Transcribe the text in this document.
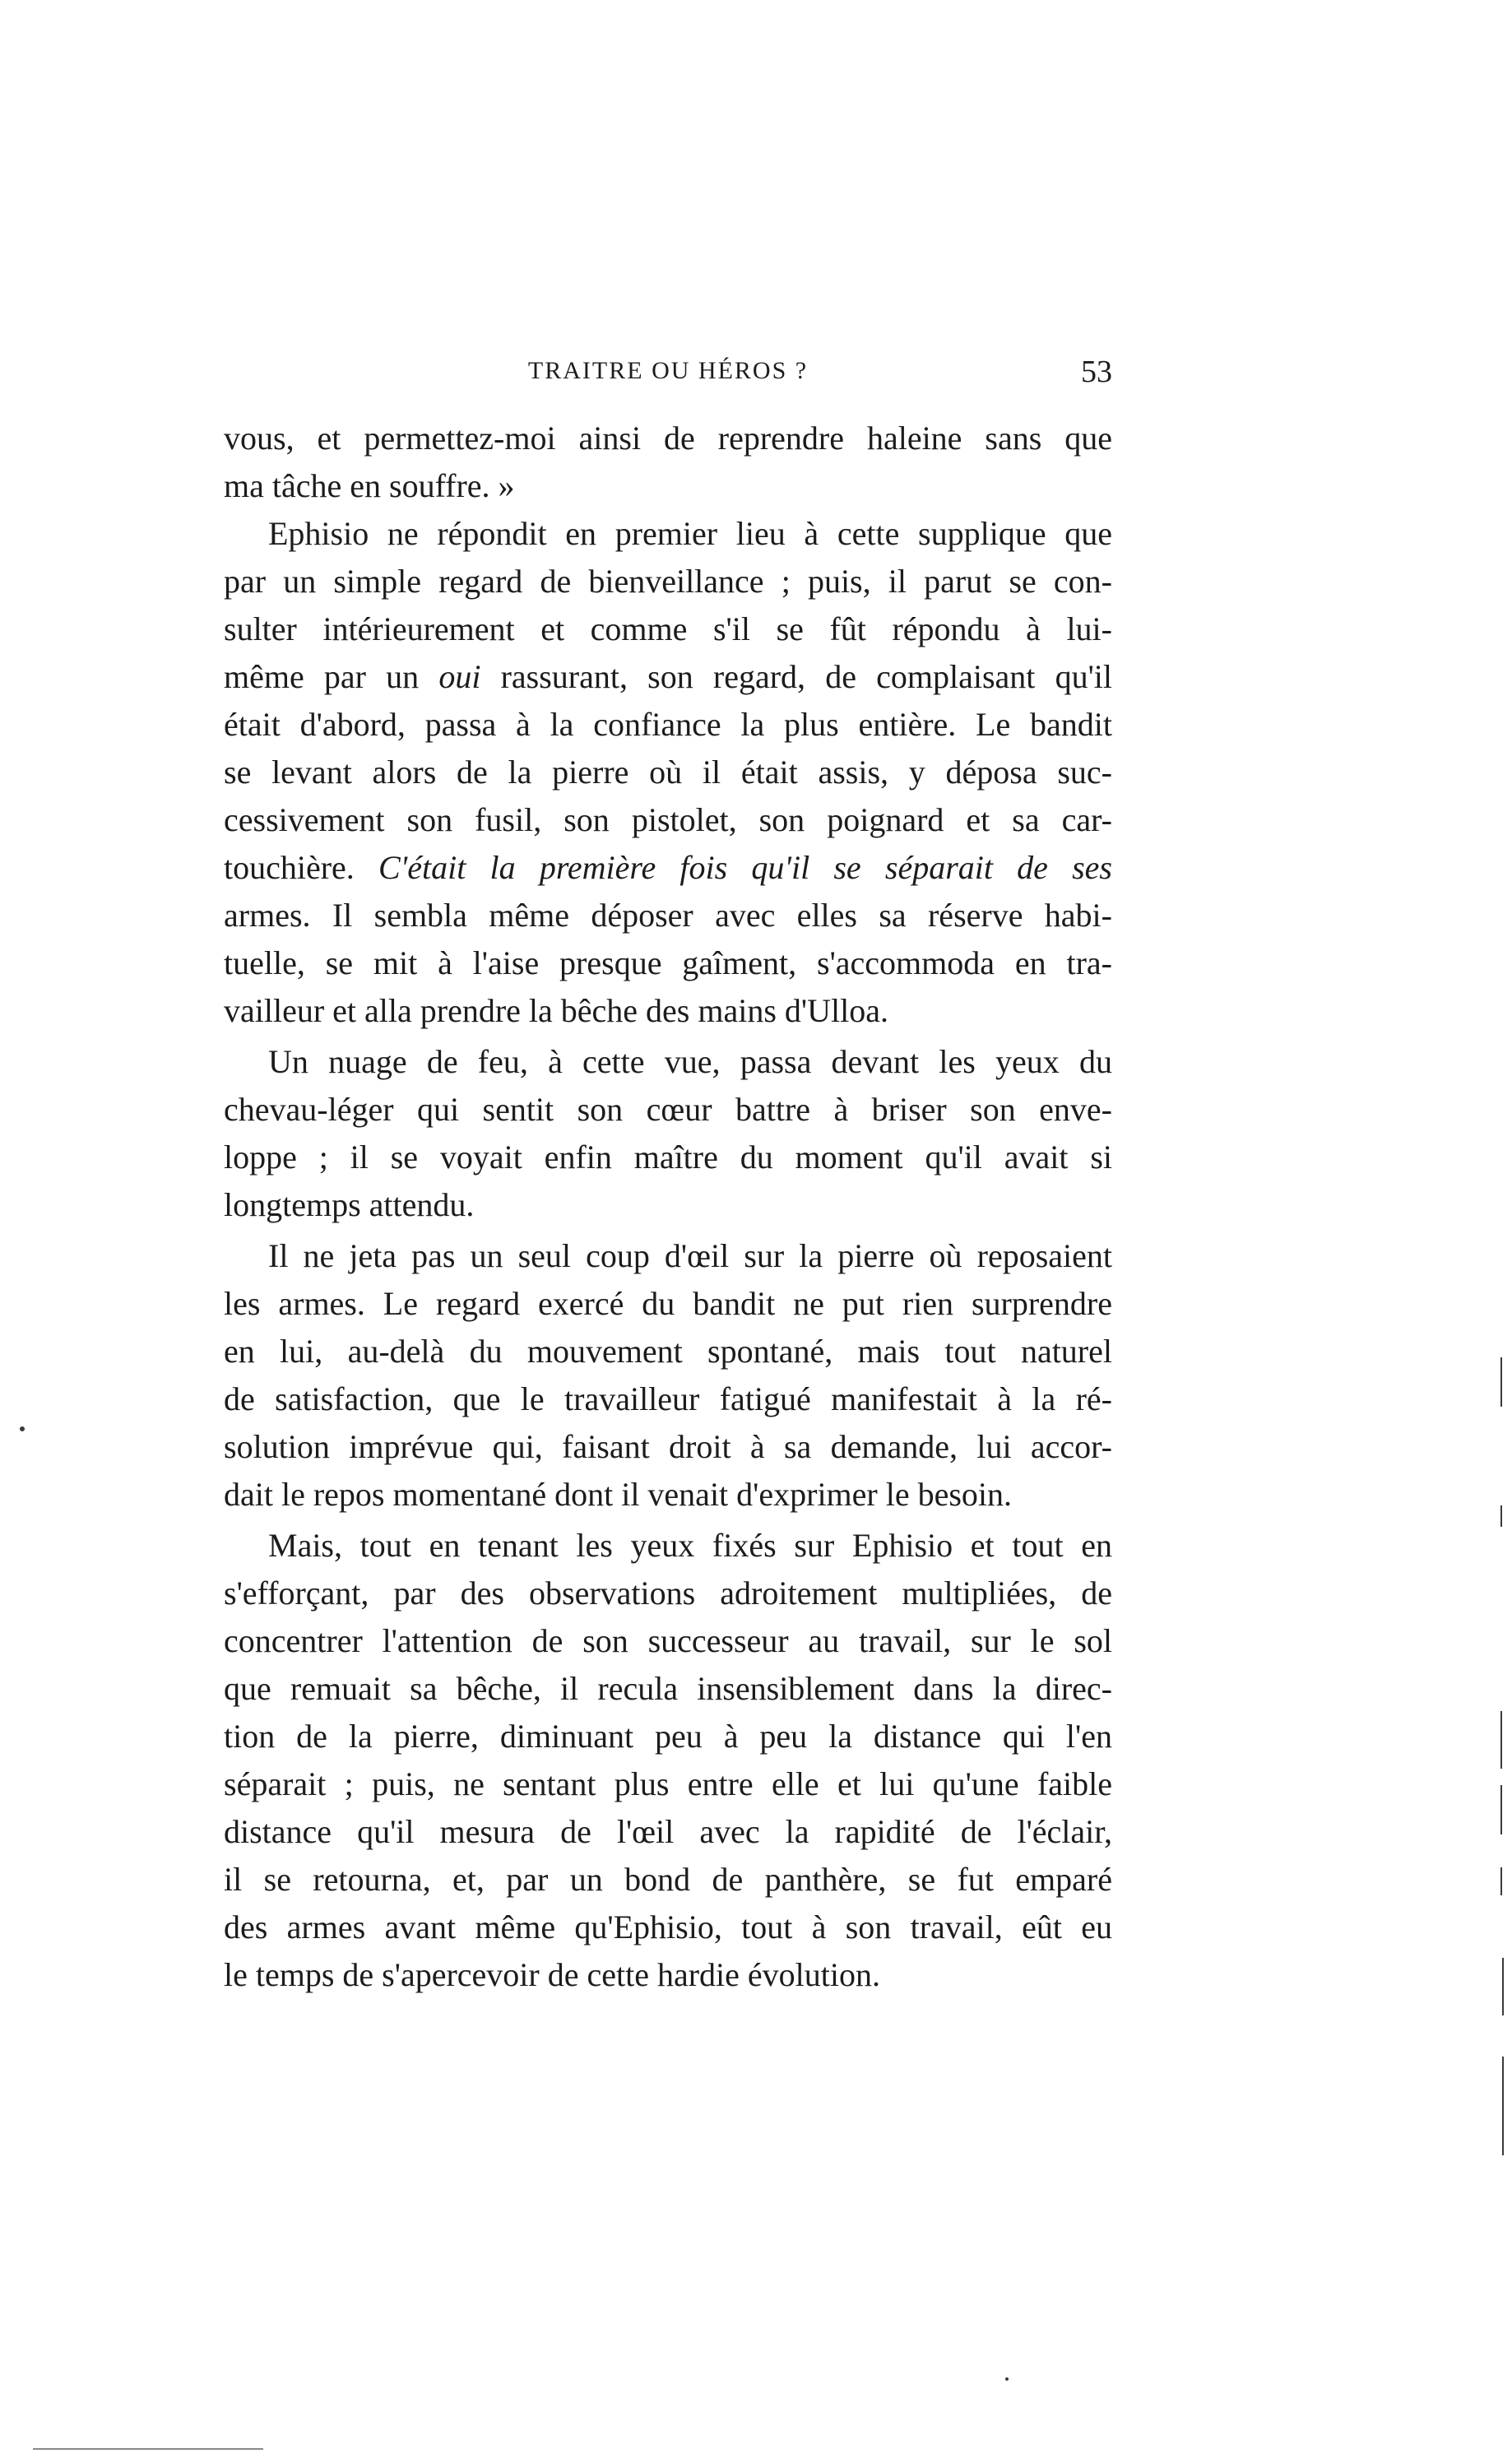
TRAITRE OU HÉROS ?	53
vous, et permettez-moi ainsi de reprendre haleine sans que
ma tâche en souffre. »
Ephisio ne répondit en premier lieu à cette supplique que
par un simple regard de bienveillance ; puis, il parut se con-
sulter intérieurement et comme s'il se fût répondu à lui-
même par un oui rassurant, son regard, de complaisant qu'il
était d'abord, passa à la confiance la plus entière. Le bandit
se levant alors de la pierre où il était assis, y déposa suc-
cessivement son fusil, son pistolet, son poignard et sa car-
touchière. C'était la première fois qu'il se séparait de ses
armes. Il sembla même déposer avec elles sa réserve habi-
tuelle, se mit à l'aise presque gaîment, s'accommoda en tra-
vailleur et alla prendre la bêche des mains d'Ulloa.
Un nuage de feu, à cette vue, passa devant les yeux du
chevau-léger qui sentit son cœur battre à briser son enve-
loppe ; il se voyait enfin maître du moment qu'il avait si
longtemps attendu.
Il ne jeta pas un seul coup d'œil sur la pierre où reposaient
les armes. Le regard exercé du bandit ne put rien surprendre
en lui, au-delà du mouvement spontané, mais tout naturel
de satisfaction, que le travailleur fatigué manifestait à la ré-
solution imprévue qui, faisant droit à sa demande, lui accor-
dait le repos momentané dont il venait d'exprimer le besoin.
Mais, tout en tenant les yeux fixés sur Ephisio et tout en
s'efforçant, par des observations adroitement multipliées, de
concentrer l'attention de son successeur au travail, sur le sol
que remuait sa bêche, il recula insensiblement dans la direc-
tion de la pierre, diminuant peu à peu la distance qui l'en
séparait ; puis, ne sentant plus entre elle et lui qu'une faible
distance qu'il mesura de l'œil avec la rapidité de l'éclair,
il se retourna, et, par un bond de panthère, se fut emparé
des armes avant même qu'Ephisio, tout à son travail, eût eu
le temps de s'apercevoir de cette hardie évolution.
